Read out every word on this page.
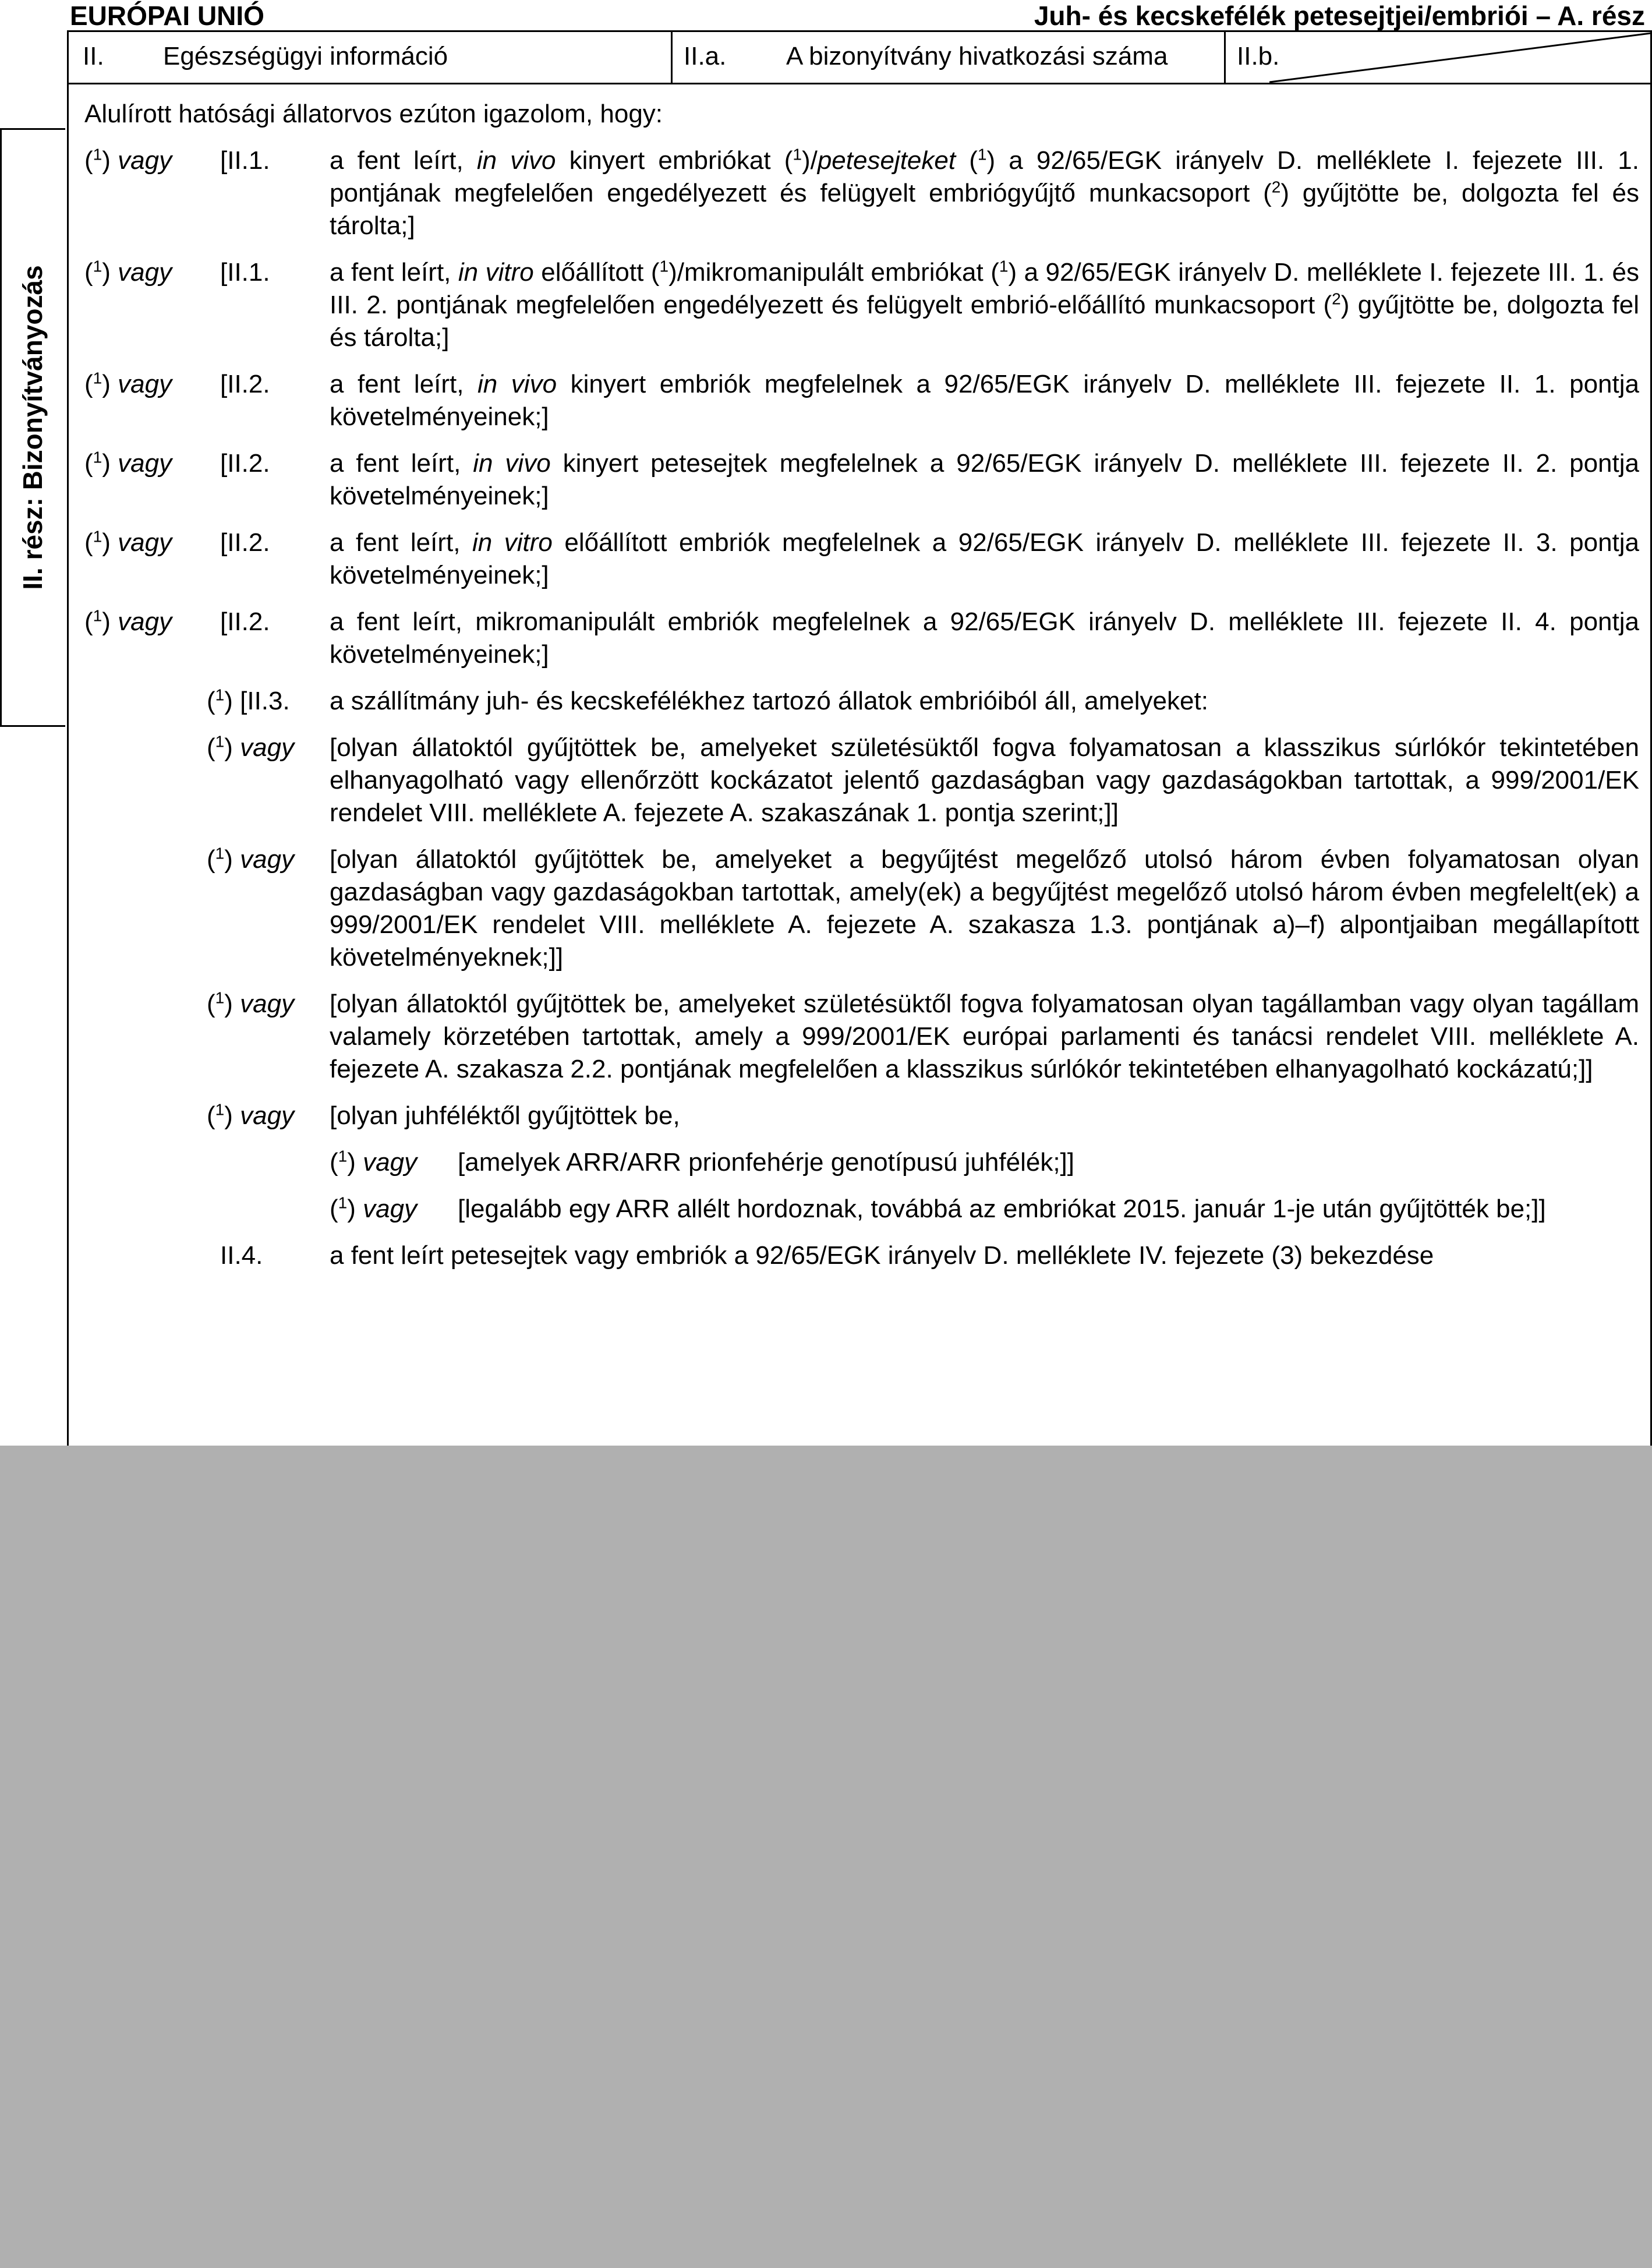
EURÓPAI UNIÓ	Juh- és kecskefélék petesejtjei/embriói – A. rész
II. Egészségügyi információ	II.a. A bizonyítvány hivatkozási száma	II.b.
II. rész: Bizonyítványozás
Alulírott hatósági állatorvos ezúton igazolom, hogy:
($^1$) vagy	[II.1.	a fent leírt, in vivo kinyert embriókat ($^1$)/petesejteket ($^1$) a 92/65/EGK irányelv D. melléklete I. fejezete III. 1. pontjának megfelelően engedélyezett és felügyelt embriógyűjtő munkacsoport ($^2$) gyűjtötte be, dolgozta fel és tárolta;]
($^1$) vagy	[II.1.	a fent leírt, in vitro előállított ($^1$)/mikromanipulált embriókat ($^1$) a 92/65/EGK irányelv D. melléklete I. fejezete III. 1. és III. 2. pontjának megfelelően engedélyezett és felügyelt embrió-előállító munkacsoport ($^2$) gyűjtötte be, dolgozta fel és tárolta;]
($^1$) vagy	[II.2.	a fent leírt, in vivo kinyert embriók megfelelnek a 92/65/EGK irányelv D. melléklete III. fejezete II. 1. pontja követelményeinek;]
($^1$) vagy	[II.2.	a fent leírt, in vivo kinyert petesejtek megfelelnek a 92/65/EGK irányelv D. melléklete III. fejezete II. 2. pontja követelményeinek;]
($^1$) vagy	[II.2.	a fent leírt, in vitro előállított embriók megfelelnek a 92/65/EGK irányelv D. melléklete III. fejezete II. 3. pontja követelményeinek;]
($^1$) vagy	[II.2.	a fent leírt, mikromanipulált embriók megfelelnek a 92/65/EGK irányelv D. melléklete III. fejezete II. 4. pontja követelményeinek;]
($^1$) [II.3. a szállítmány juh- és kecskefélékhez tartozó állatok embrióiból áll, amelyeket:
($^1$) vagy [olyan állatoktól gyűjtöttek be, amelyeket születésüktől fogva folyamatosan a klasszikus súrlókór tekintetében elhanyagolható vagy ellenőrzött kockázatot jelentő gazdaságban vagy gazdaságokban tartottak, a 999/2001/EK rendelet VIII. melléklete A. fejezete A. szakaszának 1. pontja szerint;]]
($^1$) vagy [olyan állatoktól gyűjtöttek be, amelyeket a begyűjtést megelőző utolsó három évben folyamatosan olyan gazdaságban vagy gazdaságokban tartottak, amely(ek) a begyűjtést megelőző utolsó három évben megfelelt(ek) a 999/2001/EK rendelet VIII. melléklete A. fejezete A. szakasza 1.3. pontjának a)–f) alpontjaiban megállapított követelményeknek;]]
($^1$) vagy [olyan állatoktól gyűjtöttek be, amelyeket születésüktől fogva folyamatosan olyan tagállamban vagy olyan tagállam valamely körzetében tartottak, amely a 999/2001/EK európai parlamenti és tanácsi rendelet VIII. melléklete A. fejezete A. szakasza 2.2. pontjának megfelelően a klasszikus súrlókór tekintetében elhanyagolható kockázatú;]]
($^1$) vagy [olyan juhféléktől gyűjtöttek be,
($^1$) vagy	[amelyek ARR/ARR prionfehérje genotípusú juhfélék;]]
($^1$) vagy	[legalább egy ARR allélt hordoznak, továbbá az embriókat 2015. január 1-je után gyűjtötték be;]]
II.4.	a fent leírt petesejtek vagy embriók a 92/65/EGK irányelv D. melléklete IV. fejezete (3) bekezdése
